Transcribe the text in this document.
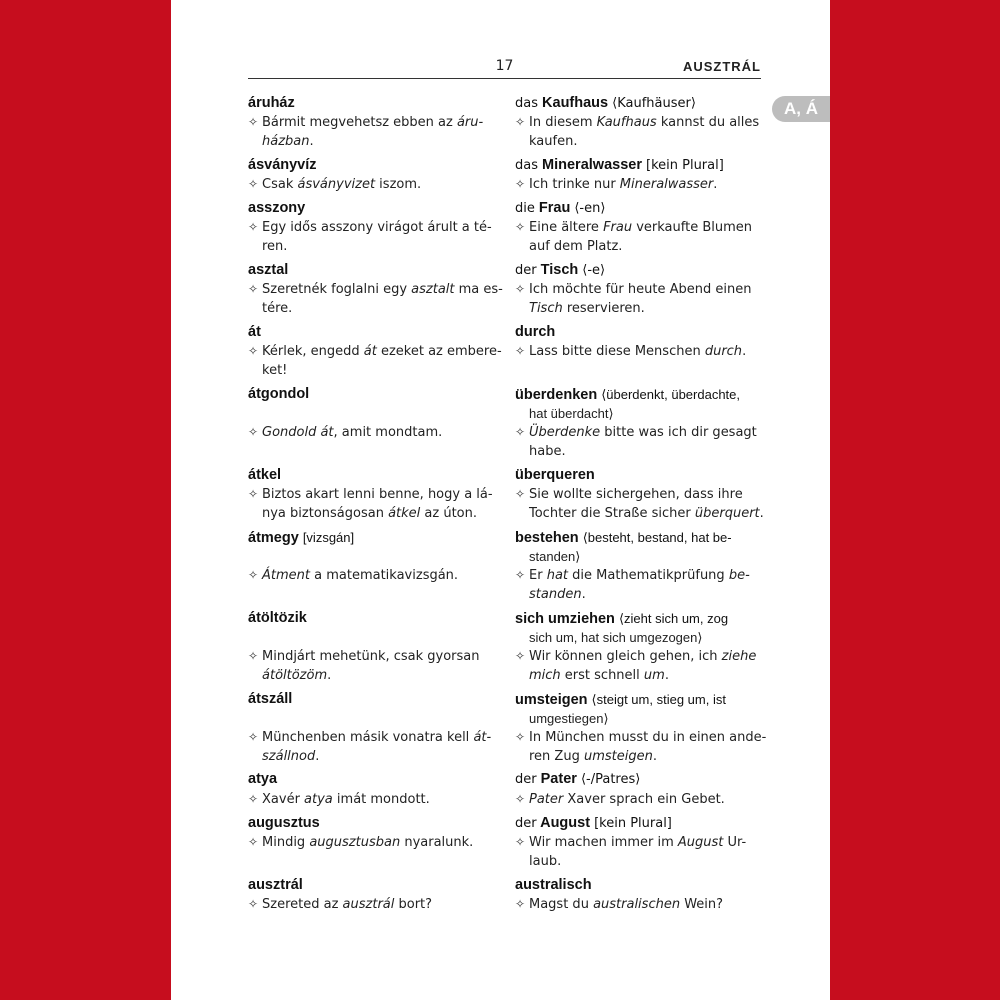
17	AUSZTRÁL
A, Á
áruház
✧ Bármit megvehetsz ebben az áru-
házban.
ásványvíz
✧ Csak ásványvizet iszom.
asszony
✧ Egy idős asszony virágot árult a té-
ren.
asztal
✧ Szeretnék foglalni egy asztalt ma es-
tére.
át
✧ Kérlek, engedd át ezeket az embere-
ket!
átgondol
✧ Gondold át, amit mondtam.
átkel
✧ Biztos akart lenni benne, hogy a lá-
nya biztonságosan átkel az úton.
átmegy [vizsgán]
✧ Átment a matematikavizsgán.
átöltözik
✧ Mindjárt mehetünk, csak gyorsan
átöltözöm.
átszáll
✧ Münchenben másik vonatra kell át-
szállnod.
atya
✧ Xavér atya imát mondott.
augusztus
✧ Mindig augusztusban nyaralunk.
ausztrál
✧ Szereted az ausztrál bort?
das Kaufhaus ⟨Kaufhäuser⟩
✧ In diesem Kaufhaus kannst du alles
kaufen.
das Mineralwasser [kein Plural]
✧ Ich trinke nur Mineralwasser.
die Frau ⟨-en⟩
✧ Eine ältere Frau verkaufte Blumen
auf dem Platz.
der Tisch ⟨-e⟩
✧ Ich möchte für heute Abend einen
Tisch reservieren.
durch
✧ Lass bitte diese Menschen durch.
überdenken ⟨überdenkt, überdachte,
hat überdacht⟩
✧ Überdenke bitte was ich dir gesagt
habe.
überqueren
✧ Sie wollte sichergehen, dass ihre
Tochter die Straße sicher überquert.
bestehen ⟨besteht, bestand, hat be-
standen⟩
✧ Er hat die Mathematikprüfung be-
standen.
sich umziehen ⟨zieht sich um, zog
sich um, hat sich umgezogen⟩
✧ Wir können gleich gehen, ich ziehe
mich erst schnell um.
umsteigen ⟨steigt um, stieg um, ist
umgestiegen⟩
✧ In München musst du in einen ande-
ren Zug umsteigen.
der Pater ⟨-/Patres⟩
✧ Pater Xaver sprach ein Gebet.
der August [kein Plural]
✧ Wir machen immer im August Ur-
laub.
australisch
✧ Magst du australischen Wein?
